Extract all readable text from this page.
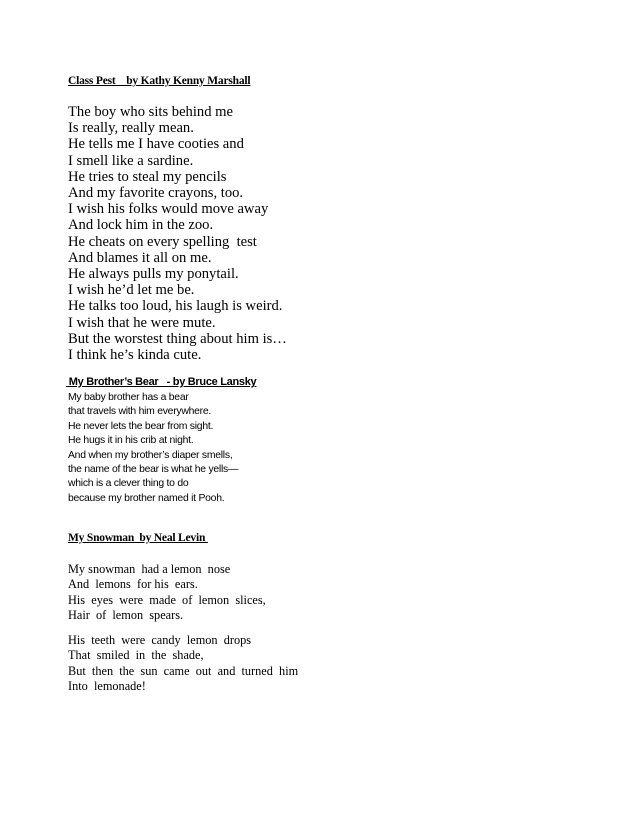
Class Pest    by Kathy Kenny Marshall
The boy who sits behind me
Is really, really mean.
He tells me I have cooties and
I smell like a sardine.
He tries to steal my pencils
And my favorite crayons, too.
I wish his folks would move away
And lock him in the zoo.
He cheats on every spelling  test
And blames it all on me.
He always pulls my ponytail.
I wish he’d let me be.
He talks too loud, his laugh is weird.
I wish that he were mute.
But the worstest thing about him is…
I think he’s kinda cute.
My Brother’s Bear   - by Bruce Lansky
My baby brother has a bear
that travels with him everywhere.
He never lets the bear from sight.
He hugs it in his crib at night.
And when my brother’s diaper smells,
the name of the bear is what he yells—
which is a clever thing to do
because my brother named it Pooh.
My Snowman  by Neal Levin
My snowman  had a lemon  nose
And  lemons  for his  ears.
His  eyes  were  made  of  lemon  slices,
Hair  of  lemon  spears.
His  teeth  were  candy  lemon  drops
That  smiled  in  the  shade,
But  then  the  sun  came  out  and  turned  him
Into  lemonade!
